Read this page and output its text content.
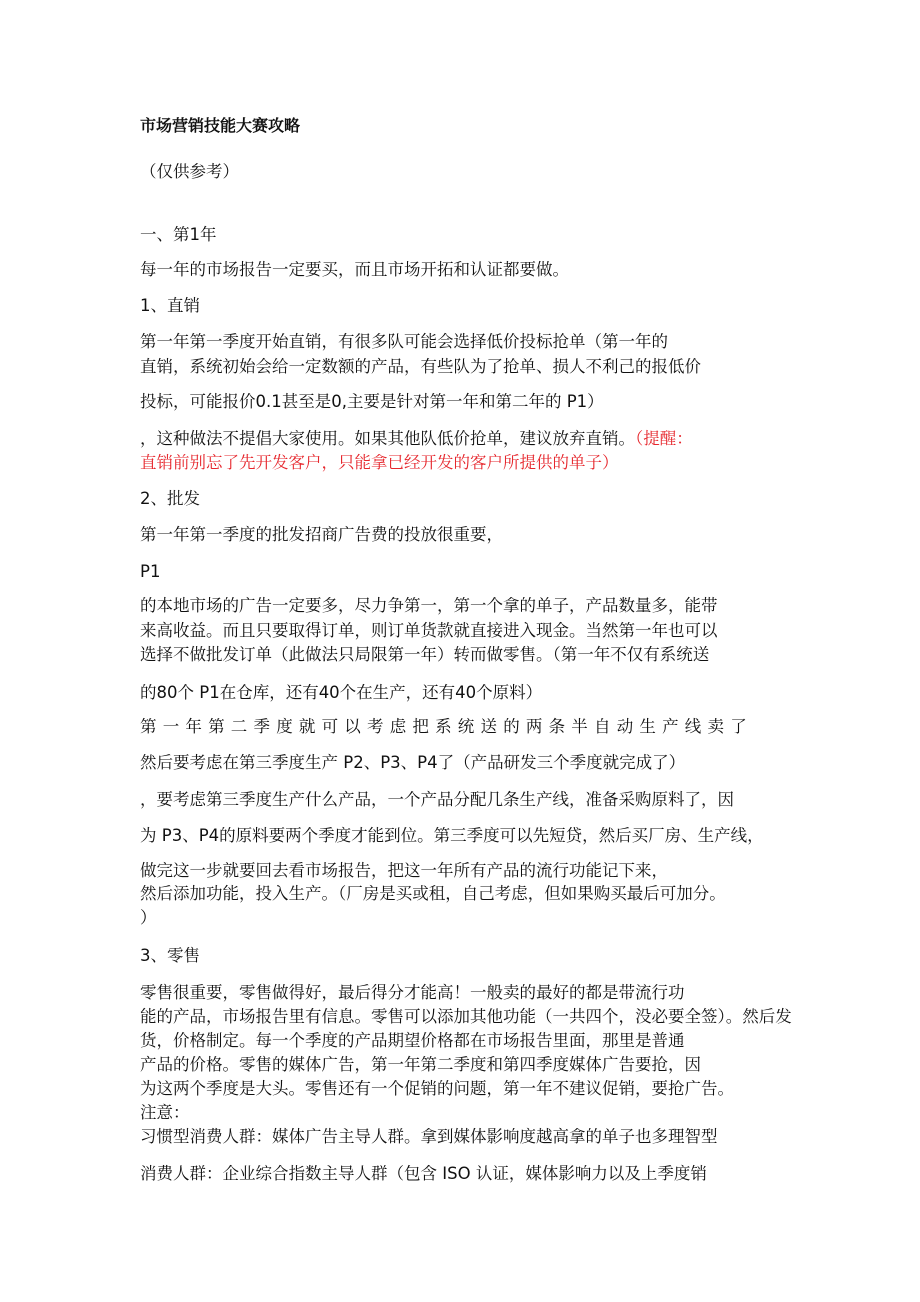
市场营销技能大赛攻略
（仅供参考）
一、第1年
每一年的市场报告一定要买，而且市场开拓和认证都要做。
1、直销
第一年第一季度开始直销，有很多队可能会选择低价投标抢单（第一年的
直销，系统初始会给一定数额的产品，有些队为了抢单、损人不利己的报低价
投标，可能报价0.1甚至是0,主要是针对第一年和第二年的 P1）
，这种做法不提倡大家使用。如果其他队低价抢单，建议放弃直销。（提醒：
直销前别忘了先开发客户，只能拿已经开发的客户所提供的单子）
2、批发
第一年第一季度的批发招商广告费的投放很重要，
P1
的本地市场的广告一定要多，尽力争第一，第一个拿的单子，产品数量多，能带
来高收益。而且只要取得订单，则订单货款就直接进入现金。当然第一年也可以
选择不做批发订单（此做法只局限第一年）转而做零售。（第一年不仅有系统送
的80个 P1在仓库，还有40个在生产，还有40个原料）
第一年第二季度就可以考虑把系统送的两条半自动生产线卖了
然后要考虑在第三季度生产 P2、P3、P4了（产品研发三个季度就完成了）
，要考虑第三季度生产什么产品，一个产品分配几条生产线，准备采购原料了，因
为 P3、P4的原料要两个季度才能到位。第三季度可以先短贷，然后买厂房、生产线，
做完这一步就要回去看市场报告，把这一年所有产品的流行功能记下来，
然后添加功能，投入生产。（厂房是买或租，自己考虑，但如果购买最后可加分。
）
3、零售
零售很重要，零售做得好，最后得分才能高！一般卖的最好的都是带流行功
能的产品，市场报告里有信息。零售可以添加其他功能（一共四个，没必要全签）。然后发
货，价格制定。每一个季度的产品期望价格都在市场报告里面，那里是普通
产品的价格。零售的媒体广告，第一年第二季度和第四季度媒体广告要抢，因
为这两个季度是大头。零售还有一个促销的问题，第一年不建议促销，要抢广告。
注意：
习惯型消费人群：媒体广告主导人群。拿到媒体影响度越高拿的单子也多理智型
消费人群：企业综合指数主导人群（包含 ISO 认证，媒体影响力以及上季度销
